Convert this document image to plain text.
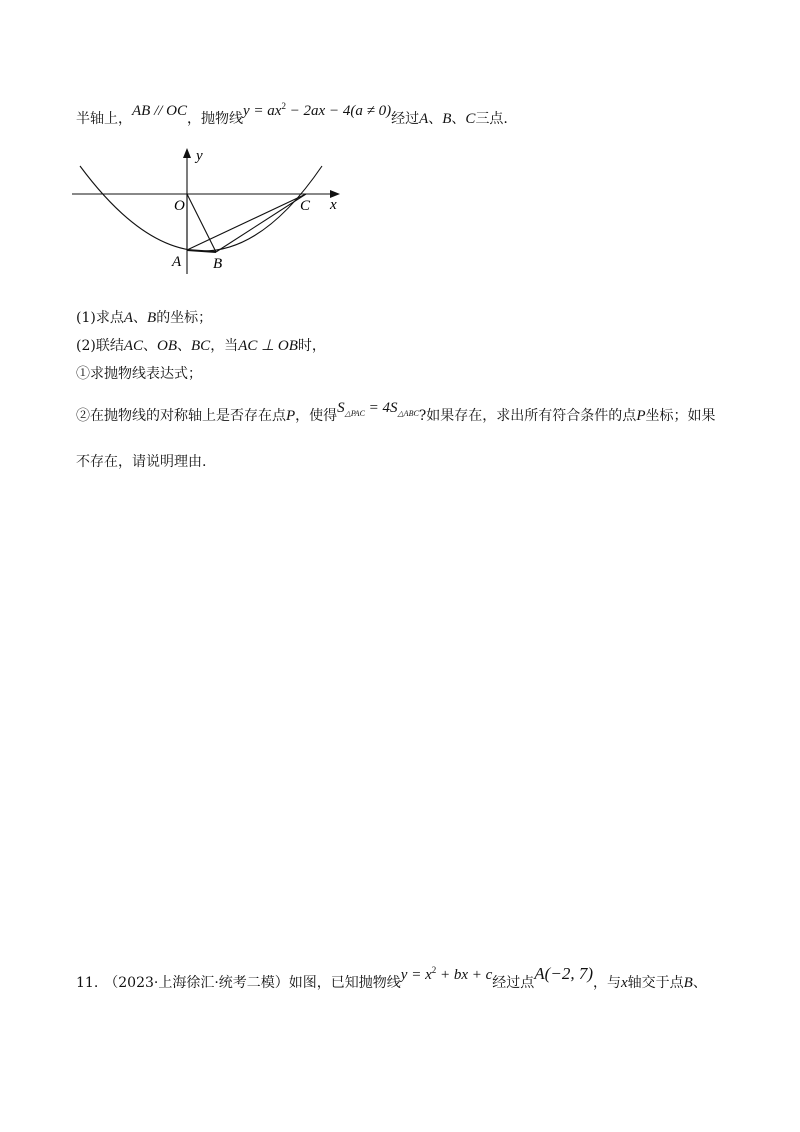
半轴上，AB // OC，抛物线$y = ax^2 - 2ax - 4(a \ne 0)$经过A、B、C三点.
y
x
O	C
A B
(1)求点A、B的坐标；
(2)联结AC、OB、BC，当AC ⊥ OB时，
①求抛物线表达式；
②在抛物线的对称轴上是否存在点P，使得$S_{\triangle PAC} = 4S_{\triangle ABC}$?如果存在，求出所有符合条件的点P坐标；如果
不存在，请说明理由.
11. （2023·上海徐汇·统考二模）如图，已知抛物线$y = x^2$ + bx + c经过点A(−2, 7)，与x轴交于点B、
